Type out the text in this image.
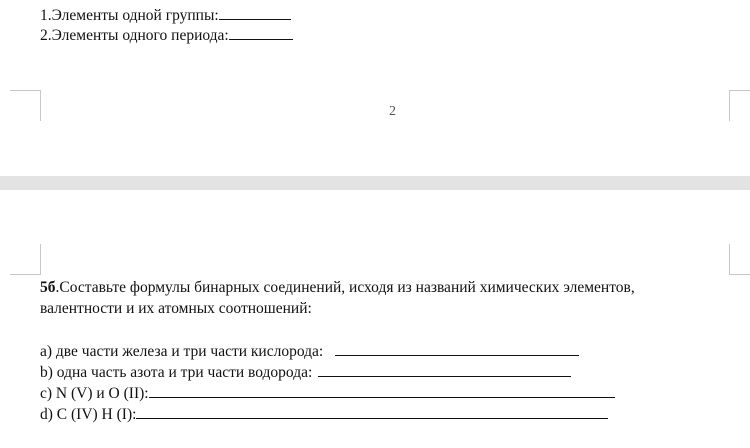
1.Элементы одной группы:
2.Элементы одного периода:
2
5б.Составьте формулы бинарных соединений, исходя из названий химических элементов,
валентности и их атомных соотношений:
a) две части железа и три части кислорода:
b) одна часть азота и три части водорода:
c) N (V) и O (II):
d) C (IV) H (I):
